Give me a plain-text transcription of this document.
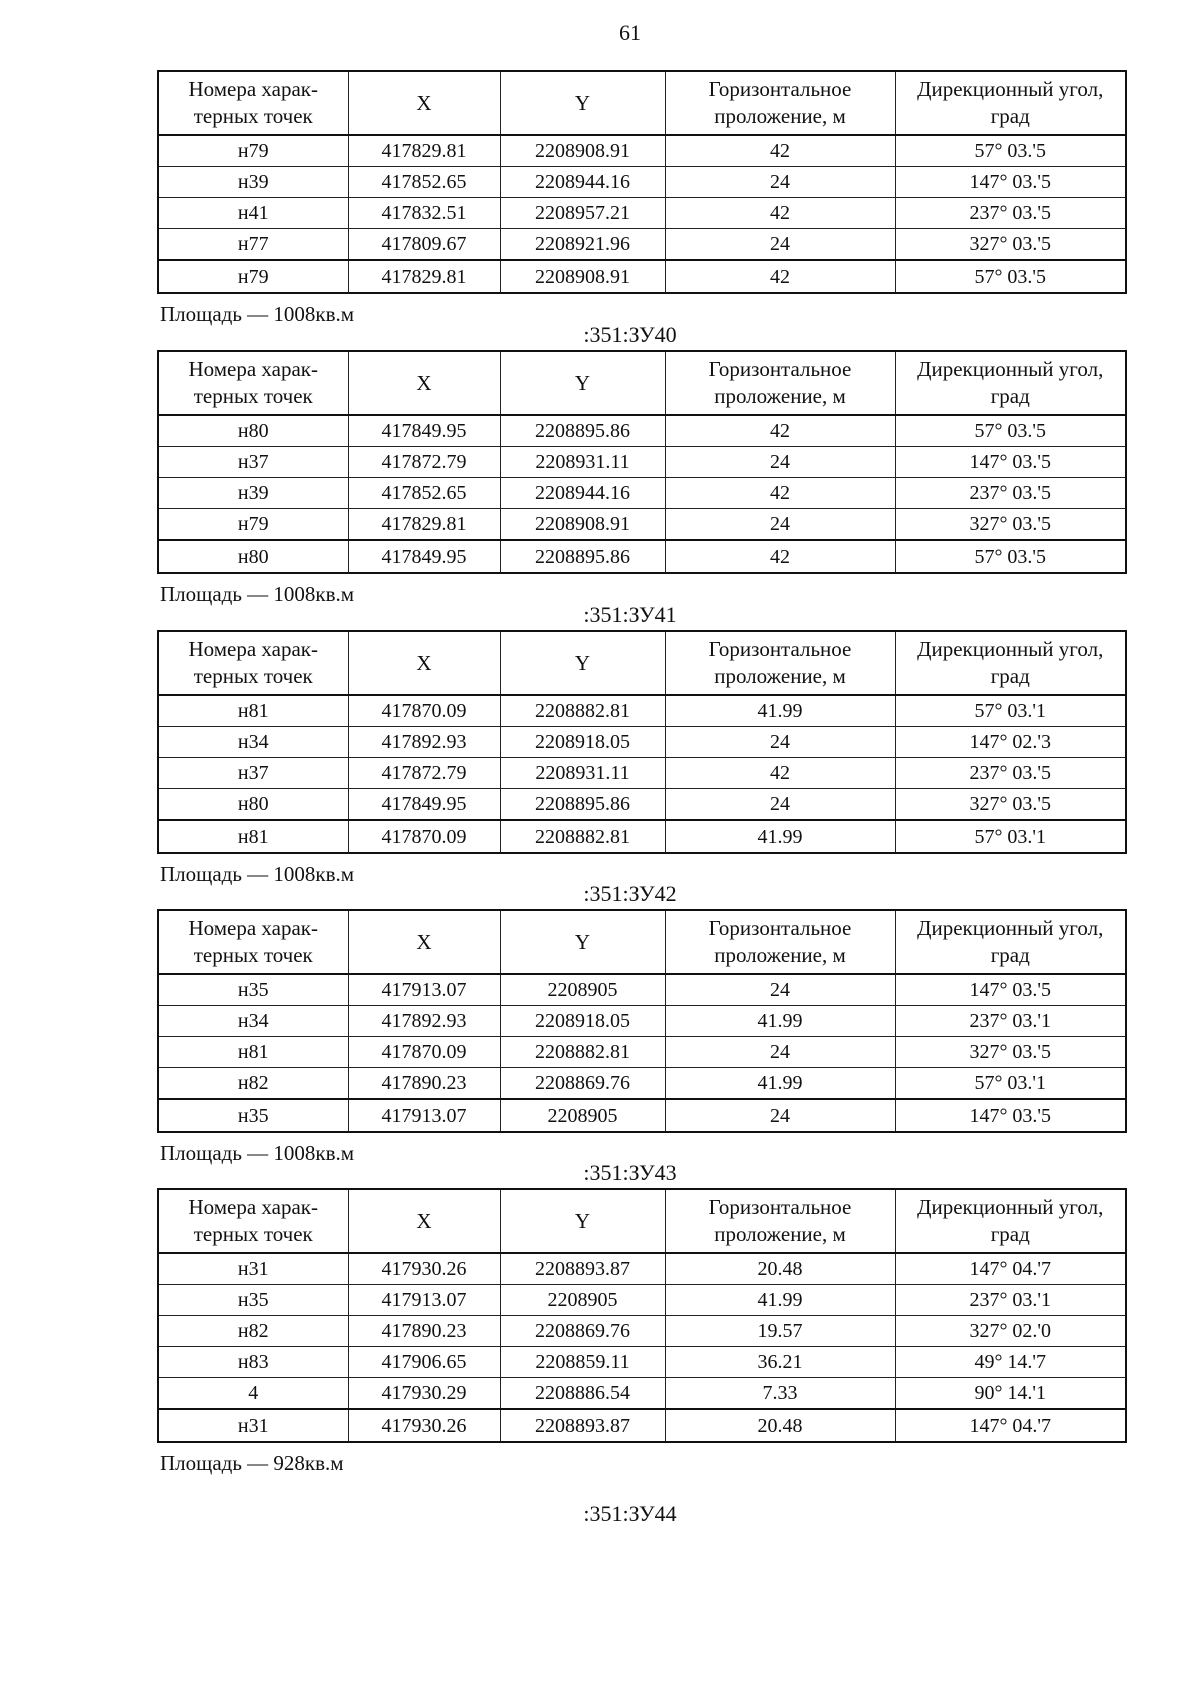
61
Номера харак-терных точек	X	Y	Горизонтальное проложение, м	Дирекционный угол, град
н79	417829.81	2208908.91	42	57° 03.'5
н39	417852.65	2208944.16	24	147° 03.'5
н41	417832.51	2208957.21	42	237° 03.'5
н77	417809.67	2208921.96	24	327° 03.'5
н79	417829.81	2208908.91	42	57° 03.'5
Площадь — 1008кв.м
:351:ЗУ40
Номера харак-терных точек	X	Y	Горизонтальное проложение, м	Дирекционный угол, град
н80	417849.95	2208895.86	42	57° 03.'5
н37	417872.79	2208931.11	24	147° 03.'5
н39	417852.65	2208944.16	42	237° 03.'5
н79	417829.81	2208908.91	24	327° 03.'5
н80	417849.95	2208895.86	42	57° 03.'5
Площадь — 1008кв.м
:351:ЗУ41
Номера харак-терных точек	X	Y	Горизонтальное проложение, м	Дирекционный угол, град
н81	417870.09	2208882.81	41.99	57° 03.'1
н34	417892.93	2208918.05	24	147° 02.'3
н37	417872.79	2208931.11	42	237° 03.'5
н80	417849.95	2208895.86	24	327° 03.'5
н81	417870.09	2208882.81	41.99	57° 03.'1
Площадь — 1008кв.м
:351:ЗУ42
Номера харак-терных точек	X	Y	Горизонтальное проложение, м	Дирекционный угол, град
н35	417913.07	2208905	24	147° 03.'5
н34	417892.93	2208918.05	41.99	237° 03.'1
н81	417870.09	2208882.81	24	327° 03.'5
н82	417890.23	2208869.76	41.99	57° 03.'1
н35	417913.07	2208905	24	147° 03.'5
Площадь — 1008кв.м
:351:ЗУ43
Номера харак-терных точек	X	Y	Горизонтальное проложение, м	Дирекционный угол, град
н31	417930.26	2208893.87	20.48	147° 04.'7
н35	417913.07	2208905	41.99	237° 03.'1
н82	417890.23	2208869.76	19.57	327° 02.'0
н83	417906.65	2208859.11	36.21	49° 14.'7
4	417930.29	2208886.54	7.33	90° 14.'1
н31	417930.26	2208893.87	20.48	147° 04.'7
Площадь — 928кв.м
:351:ЗУ44
